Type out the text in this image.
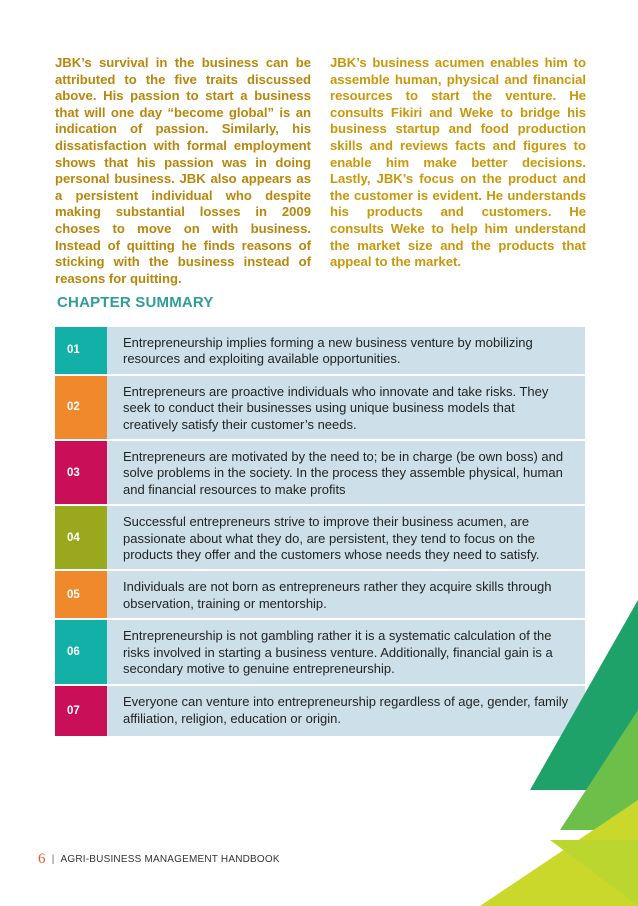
JBK’s survival in the business can be attributed to the five traits discussed above. His passion to start a business that will one day “become global” is an indication of passion. Similarly, his dissatisfaction with formal employment shows that his passion was in doing personal business. JBK also appears as a persistent individual who despite making substantial losses in 2009 choses to move on with business. Instead of quitting he finds reasons of sticking with the business instead of reasons for quitting.
JBK’s business acumen enables him to assemble human, physical and financial resources to start the venture. He consults Fikiri and Weke to bridge his business startup and food production skills and reviews facts and figures to enable him make better decisions. Lastly, JBK’s focus on the product and the customer is evident. He understands his products and customers. He consults Weke to help him understand the market size and the products that appeal to the market.
CHAPTER SUMMARY
01
Entrepreneurship implies forming a new business venture by mobilizing resources and exploiting available opportunities.
02
Entrepreneurs are proactive individuals who innovate and take risks. They seek to conduct their businesses using unique business models that creatively satisfy their customer’s needs.
03
Entrepreneurs are motivated by the need to; be in charge (be own boss) and solve problems in the society. In the process they assemble physical, human and financial resources to make profits
04
Successful entrepreneurs strive to improve their business acumen, are passionate about what they do, are persistent, they tend to focus on the products they offer and the customers whose needs they need to satisfy.
05
Individuals are not born as entrepreneurs rather they acquire skills through observation, training or mentorship.
06
Entrepreneurship is not gambling rather it is a systematic calculation of the risks involved in starting a business venture. Additionally, financial gain is a secondary motive to genuine entrepreneurship.
07
Everyone can venture into entrepreneurship regardless of age, gender, family affiliation, religion, education or origin.
6 | AGRI-BUSINESS MANAGEMENT HANDBOOK
